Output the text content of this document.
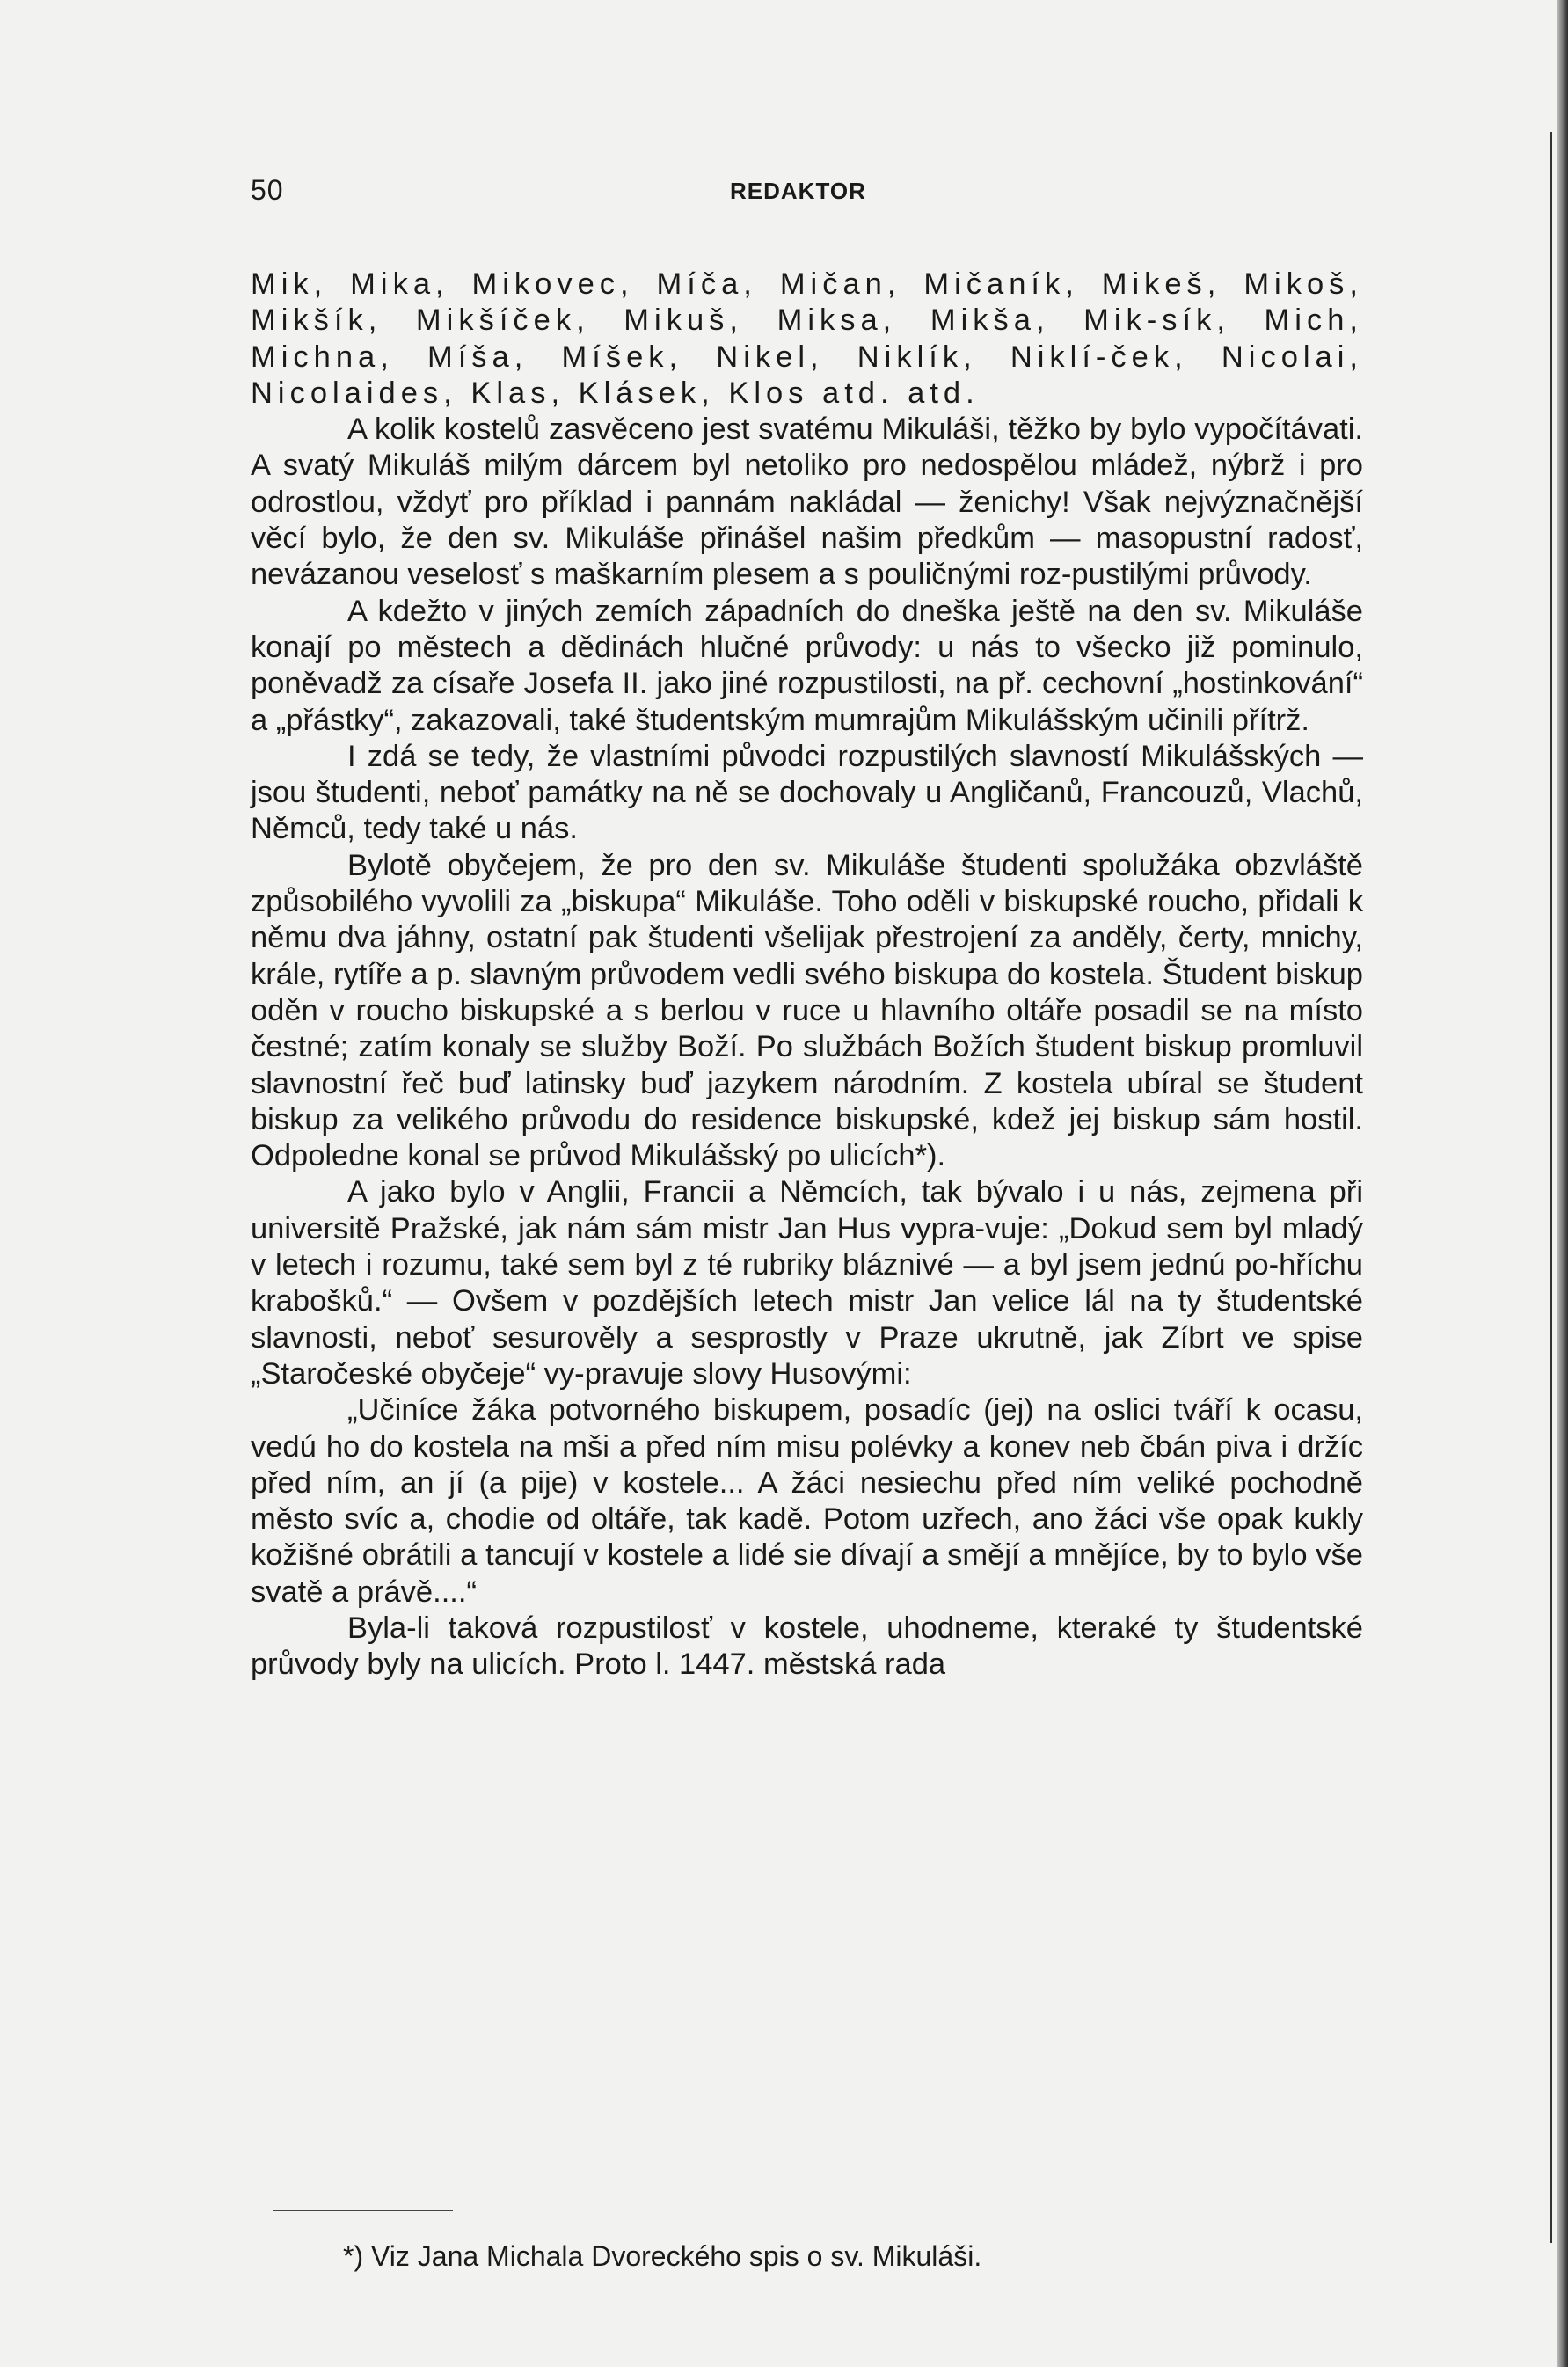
50	REDAKTOR

Mik, Mika, Mikovec, Míča, Mičan, Mičaník, Mikeš, Mikoš, Mikšík, Mikšíček, Mikuš, Miksa, Mikša, Mik-sík, Mich, Michna, Míša, Míšek, Nikel, Niklík, Niklí-ček, Nicolai, Nicolaides, Klas, Klásek, Klos atd. atd.

A kolik kostelů zasvěceno jest svatému Mikuláši, těžko by bylo vypočítávati. A svatý Mikuláš milým dárcem byl netoliko pro nedospělou mládež, nýbrž i pro odrostlou, vždyť pro příklad i pannám nakládal — ženichy! Však nejvýznačnější věcí bylo, že den sv. Mikuláše přinášel našim předkům — masopustní radosť, nevázanou veselosť s maškarním plesem a s pouličnými roz-pustilými průvody.

A kdežto v jiných zemích západních do dneška ještě na den sv. Mikuláše konají po městech a dědinách hlučné průvody: u nás to všecko již pominulo, poněvadž za císaře Josefa II. jako jiné rozpustilosti, na př. cechovní „hostinkování“ a „přástky“, zakazovali, také študentským mumrajům Mikulášským učinili přítrž.

I zdá se tedy, že vlastními původci rozpustilých slavností Mikulášských — jsou študenti, neboť památky na ně se dochovaly u Angličanů, Francouzů, Vlachů, Němců, tedy také u nás.

Bylotě obyčejem, že pro den sv. Mikuláše študenti spolužáka obzvláště způsobilého vyvolili za „biskupa“ Mikuláše. Toho oděli v biskupské roucho, přidali k němu dva jáhny, ostatní pak študenti všelijak přestrojení za anděly, čerty, mnichy, krále, rytíře a p. slavným průvodem vedli svého biskupa do kostela. Študent biskup oděn v roucho biskupské a s berlou v ruce u hlavního oltáře posadil se na místo čestné; zatím konaly se služby Boží. Po službách Božích študent biskup promluvil slavnostní řeč buď latinsky buď jazykem národním. Z kostela ubíral se študent biskup za velikého průvodu do residence biskupské, kdež jej biskup sám hostil. Odpoledne konal se průvod Mikulášský po ulicích*).

A jako bylo v Anglii, Francii a Němcích, tak bývalo i u nás, zejmena při universitě Pražské, jak nám sám mistr Jan Hus vypra-vuje: „Dokud sem byl mladý v letech i rozumu, také sem byl z té rubriky bláznivé — a byl jsem jednú po-hříchu krabošků.“ — Ovšem v pozdějších letech mistr Jan velice lál na ty študentské slavnosti, neboť sesurověly a sesprostly v Praze ukrutně, jak Zíbrt ve spise „Staročeské obyčeje“ vy-pravuje slovy Husovými:

„Učiníce žáka potvorného biskupem, posadíc (jej) na oslici tváří k ocasu, vedú ho do kostela na mši a před ním misu polévky a konev neb čbán piva i držíc před ním, an jí (a pije) v kostele... A žáci nesiechu před ním veliké pochodně město svíc a, chodie od oltáře, tak kadě. Potom uzřech, ano žáci vše opak kukly kožišné obrátili a tancují v kostele a lidé sie dívají a smějí a mnějíce, by to bylo vše svatě a právě....“

Byla-li taková rozpustilosť v kostele, uhodneme, kteraké ty študentské průvody byly na ulicích. Proto l. 1447. městská rada

*) Viz Jana Michala Dvoreckého spis o sv. Mikuláši.
